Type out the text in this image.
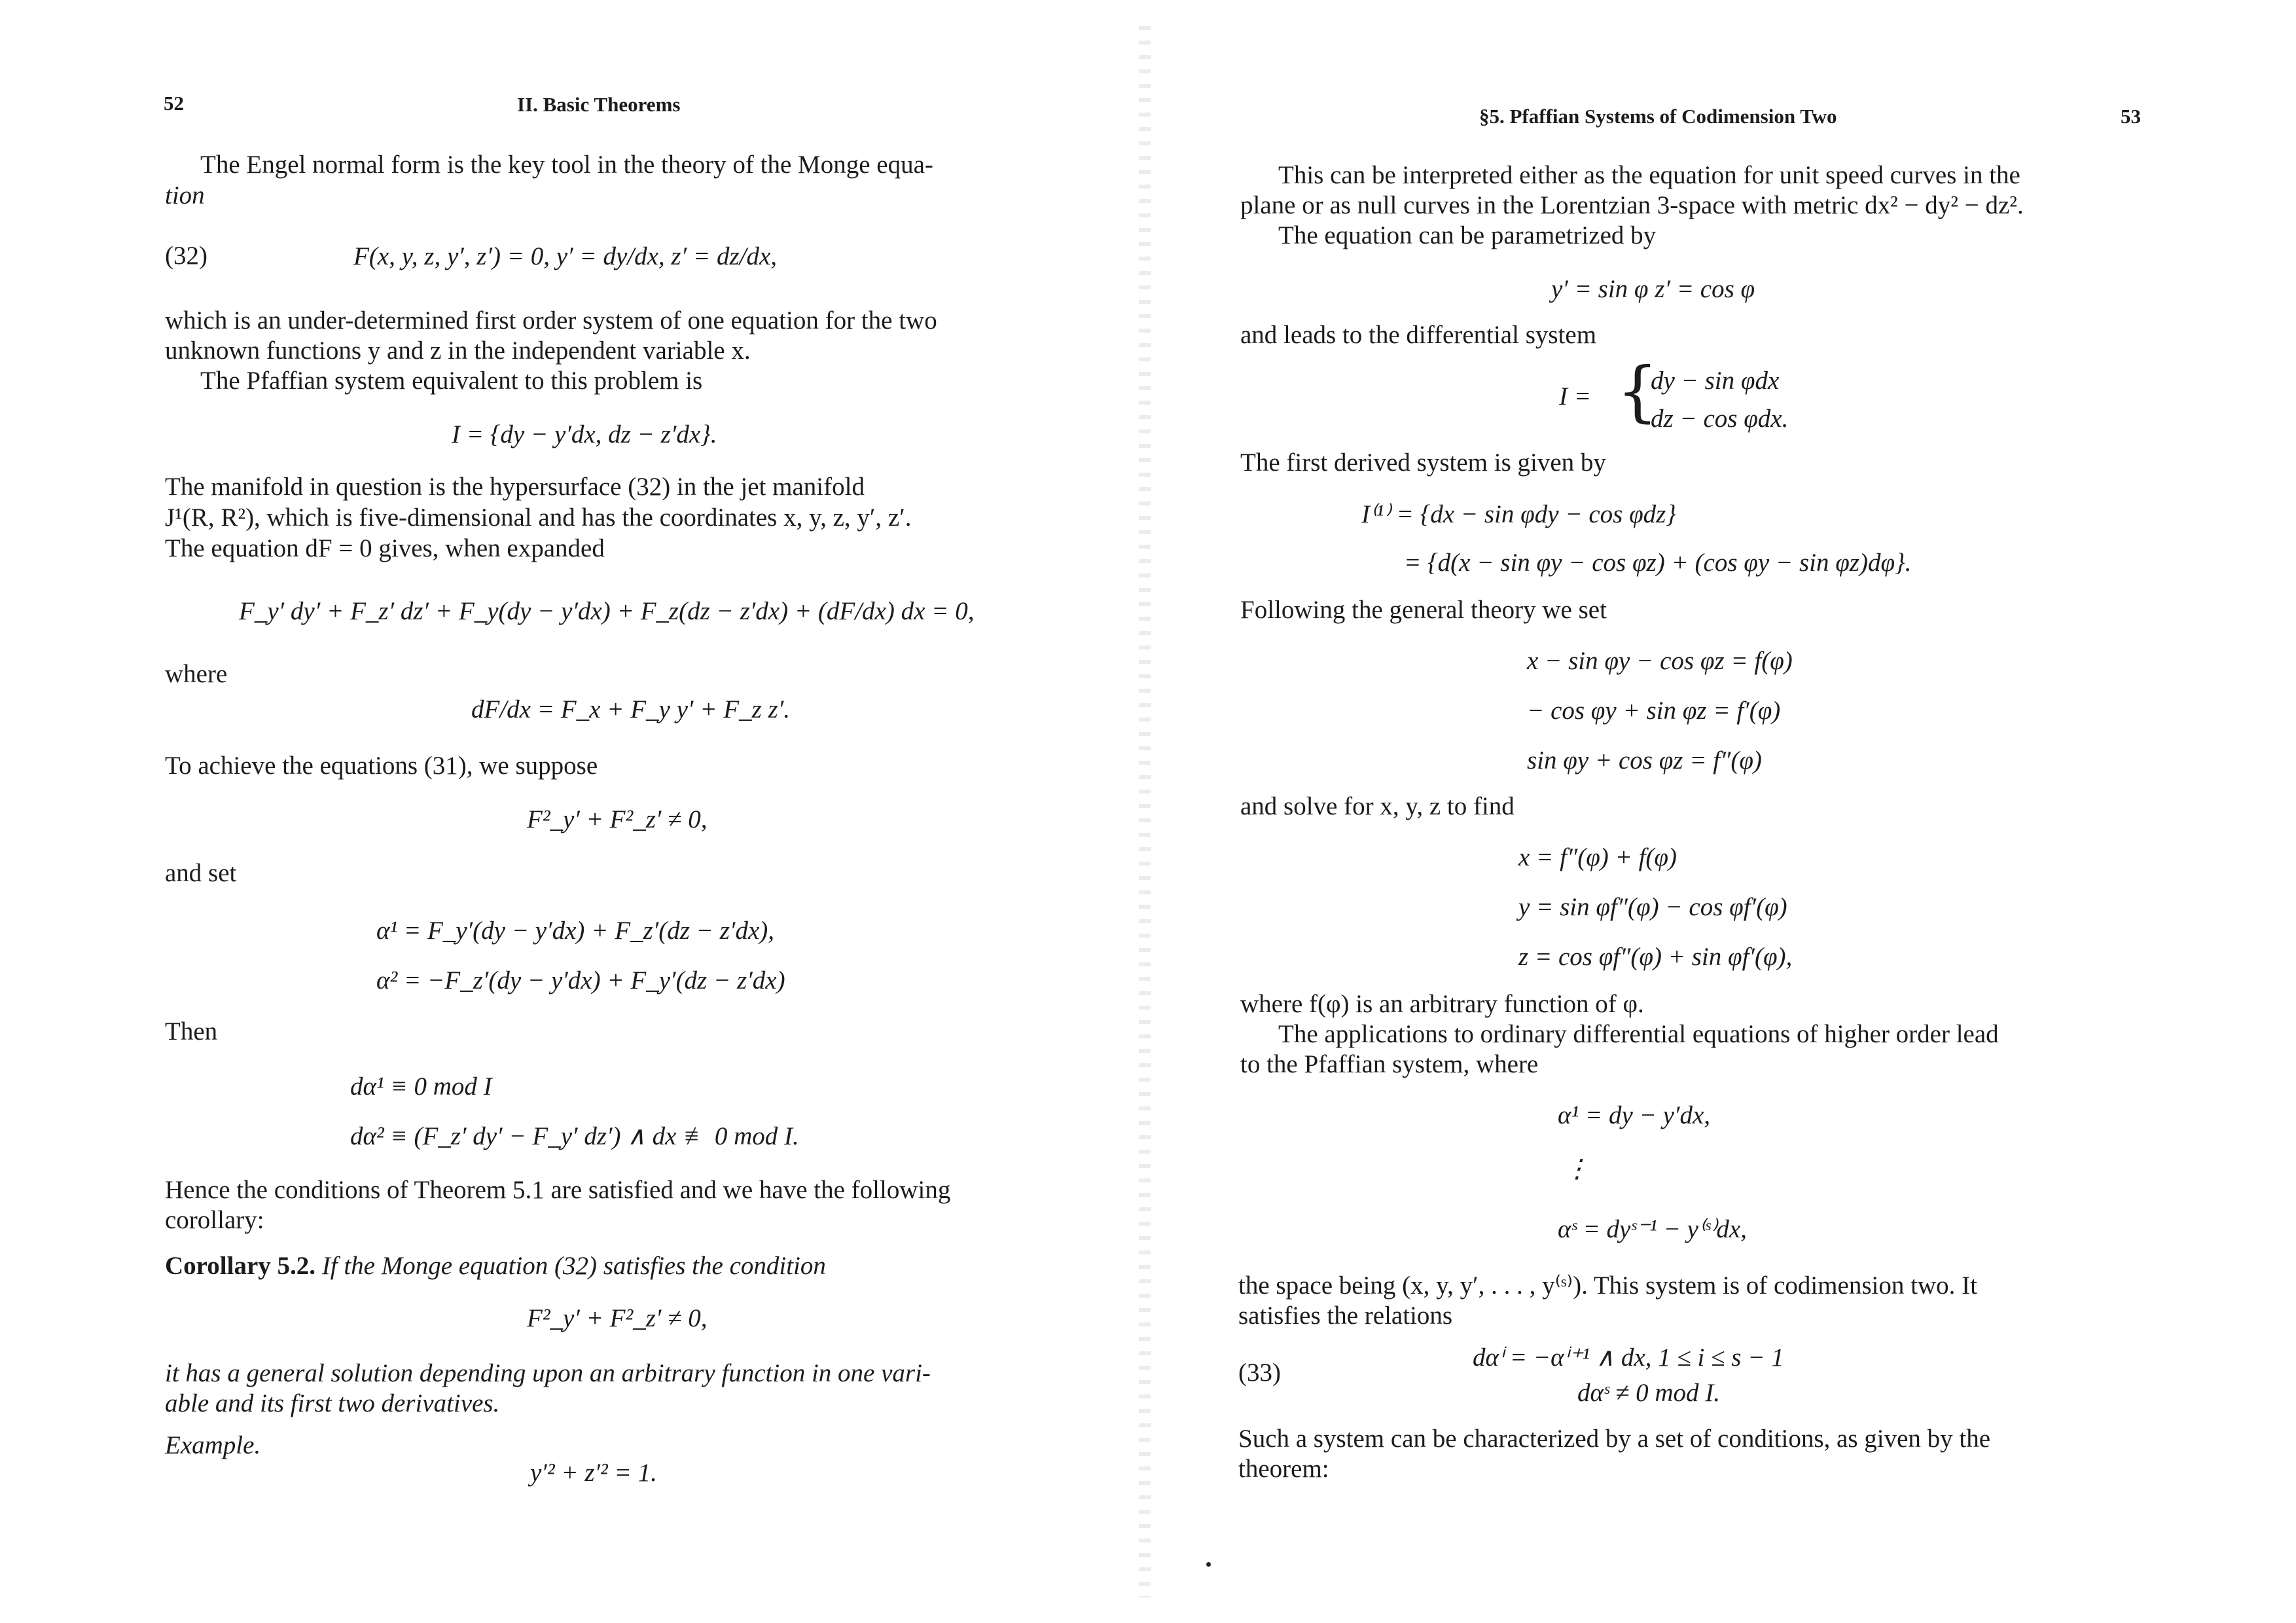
52	II. Basic Theorems
The Engel normal form is the key tool in the theory of the Monge equa-
tion
(32)	F(x, y, z, y′, z′) = 0, y′ = dy/dx, z′ = dz/dx,
which is an under-determined first order system of one equation for the two
unknown functions y and z in the independent variable x.
The Pfaffian system equivalent to this problem is
I = {dy − y′dx, dz − z′dx}.
The manifold in question is the hypersurface (32) in the jet manifold
J¹(R, R²), which is five-dimensional and has the coordinates x, y, z, y′, z′.
The equation dF = 0 gives, when expanded
F_y′ dy′ + F_z′ dz′ + F_y(dy − y′dx) + F_z(dz − z′dx) + (dF/dx) dx = 0,
where
dF/dx = F_x + F_y y′ + F_z z′.
To achieve the equations (31), we suppose
F²_y′ + F²_z′ ≠ 0,
and set
α¹ = F_y′(dy − y′dx) + F_z′(dz − z′dx),
α² = −F_z′(dy − y′dx) + F_y′(dz − z′dx)
Then
dα¹ ≡ 0 mod I
dα² ≡ (F_z′ dy′ − F_y′ dz′) ∧ dx ≢ 0 mod I.
Hence the conditions of Theorem 5.1 are satisfied and we have the following
corollary:
Corollary 5.2. If the Monge equation (32) satisfies the condition
F²_y′ + F²_z′ ≠ 0,
it has a general solution depending upon an arbitrary function in one vari-
able and its first two derivatives.
Example.
y′² + z′² = 1.
§5. Pfaffian Systems of Codimension Two	53
This can be interpreted either as the equation for unit speed curves in the
plane or as null curves in the Lorentzian 3-space with metric dx² − dy² − dz².
The equation can be parametrized by
y′ = sin φ z′ = cos φ
and leads to the differential system
I = {
dy − sin φdx
dz − cos φdx.
The first derived system is given by
I⁽¹⁾ = {dx − sin φdy − cos φdz}
= {d(x − sin φy − cos φz) + (cos φy − sin φz)dφ}.
Following the general theory we set
x − sin φy − cos φz = f(φ)
− cos φy + sin φz = f′(φ)
sin φy + cos φz = f″(φ)
and solve for x, y, z to find
x = f″(φ) + f(φ)
y = sin φf″(φ) − cos φf′(φ)
z = cos φf″(φ) + sin φf′(φ),
where f(φ) is an arbitrary function of φ.
The applications to ordinary differential equations of higher order lead
to the Pfaffian system, where
α¹ = dy − y′dx,
⋮
αˢ = dyˢ⁻¹ − y⁽ˢ⁾dx,
the space being (x, y, y′, . . . , y⁽ˢ⁾). This system is of codimension two. It
satisfies the relations
(33)
dαⁱ = −αⁱ⁺¹ ∧ dx, 1 ≤ i ≤ s − 1
dαˢ ≠ 0 mod I.
Such a system can be characterized by a set of conditions, as given by the
theorem:
